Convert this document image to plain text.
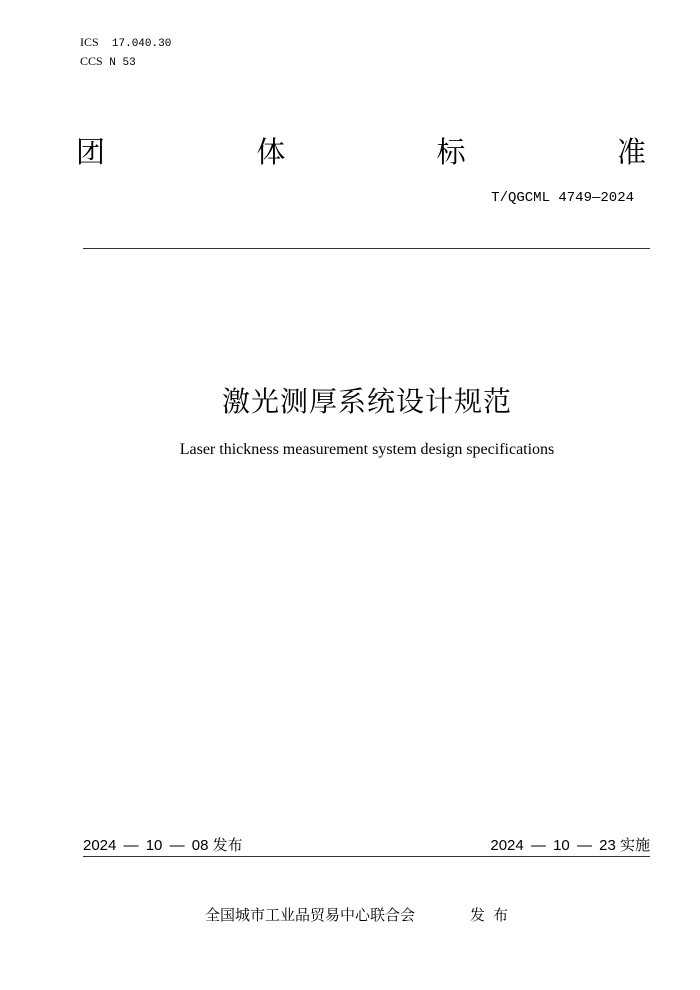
ICS 17.040.30
CCS N 53
团	体	标	准
T/QGCML 4749—2024
激光测厚系统设计规范
Laser thickness measurement system design specifications
2024 — 10 — 08 发布	2024 — 10 — 23 实施
全国城市工业品贸易中心联合会	发布
